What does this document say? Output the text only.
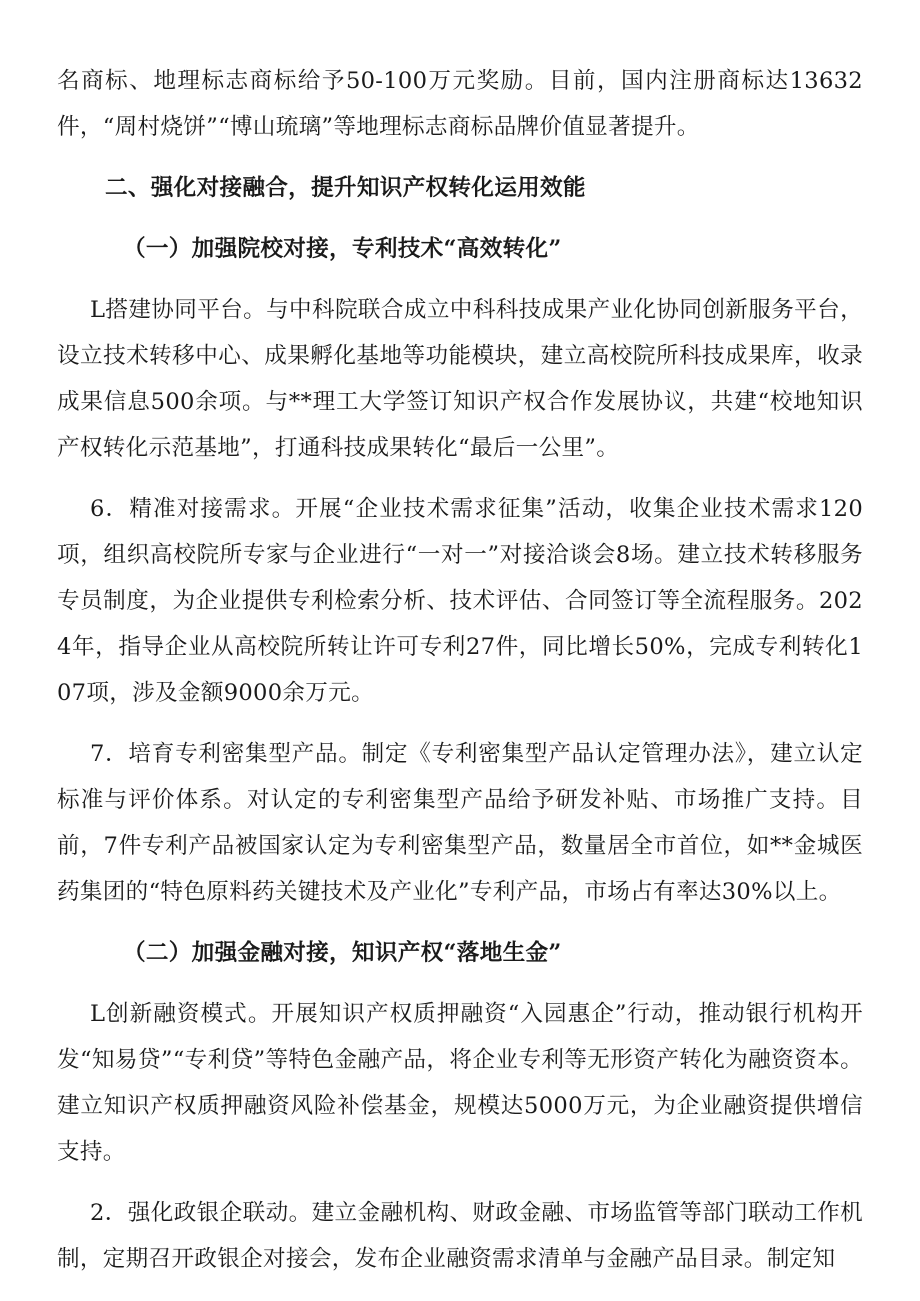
名商标、地理标志商标给予50-100万元奖励。目前，国内注册商标达13632件，“周村烧饼”“博山琉璃”等地理标志商标品牌价值显著提升。

二、强化对接融合，提升知识产权转化运用效能

（一）加强院校对接，专利技术“高效转化”

L搭建协同平台。与中科院联合成立中科科技成果产业化协同创新服务平台，设立技术转移中心、成果孵化基地等功能模块，建立高校院所科技成果库，收录成果信息500余项。与**理工大学签订知识产权合作发展协议，共建“校地知识产权转化示范基地”，打通科技成果转化“最后一公里”。

6．精准对接需求。开展“企业技术需求征集”活动，收集企业技术需求120项，组织高校院所专家与企业进行“一对一”对接洽谈会8场。建立技术转移服务专员制度，为企业提供专利检索分析、技术评估、合同签订等全流程服务。2024年，指导企业从高校院所转让许可专利27件，同比增长50%，完成专利转化107项，涉及金额9000余万元。

7．培育专利密集型产品。制定《专利密集型产品认定管理办法》，建立认定标准与评价体系。对认定的专利密集型产品给予研发补贴、市场推广支持。目前，7件专利产品被国家认定为专利密集型产品，数量居全市首位，如**金城医药集团的“特色原料药关键技术及产业化”专利产品，市场占有率达30%以上。

（二）加强金融对接，知识产权“落地生金”

L创新融资模式。开展知识产权质押融资“入园惠企”行动，推动银行机构开发“知易贷”“专利贷”等特色金融产品，将企业专利等无形资产转化为融资资本。建立知识产权质押融资风险补偿基金，规模达5000万元，为企业融资提供增信支持。

2．强化政银企联动。建立金融机构、财政金融、市场监管等部门联动工作机制，定期召开政银企对接会，发布企业融资需求清单与金融产品目录。制定知
